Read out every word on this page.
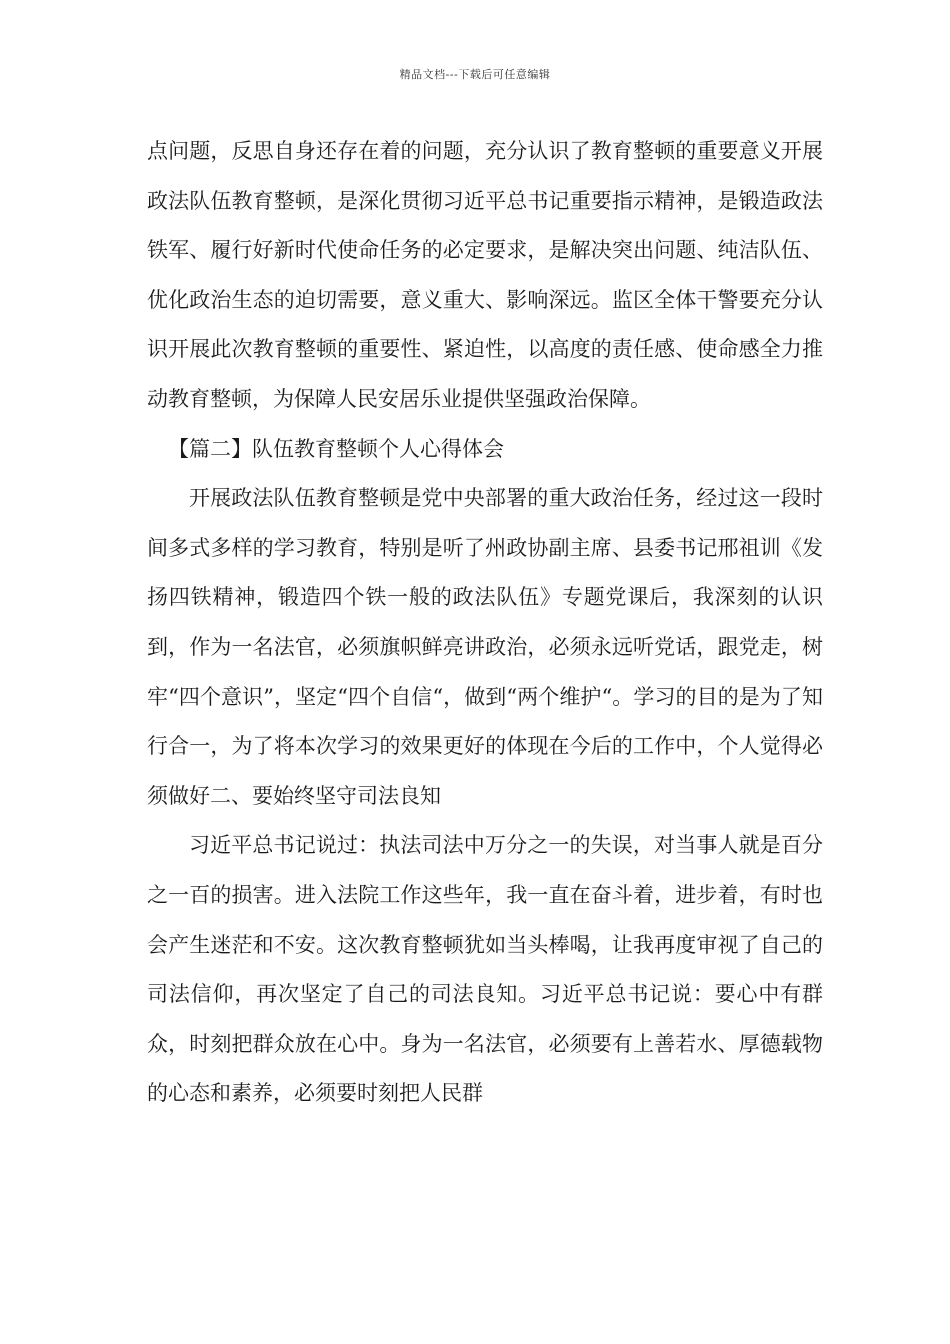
精品文档---下载后可任意编辑

点问题，反思自身还存在着的问题，充分认识了教育整顿的重要意义开展政法队伍教育整顿，是深化贯彻习近平总书记重要指示精神，是锻造政法铁军、履行好新时代使命任务的必定要求，是解决突出问题、纯洁队伍、优化政治生态的迫切需要，意义重大、影响深远。监区全体干警要充分认识开展此次教育整顿的重要性、紧迫性，以高度的责任感、使命感全力推动教育整顿，为保障人民安居乐业提供坚强政治保障。

【篇二】队伍教育整顿个人心得体会

开展政法队伍教育整顿是党中央部署的重大政治任务，经过这一段时间多式多样的学习教育，特别是听了州政协副主席、县委书记邢祖训《发扬四铁精神，锻造四个铁一般的政法队伍》专题党课后，我深刻的认识到，作为一名法官，必须旗帜鲜亮讲政治，必须永远听党话，跟党走，树牢“四个意识”，坚定“四个自信“，做到“两个维护“。学习的目的是为了知行合一，为了将本次学习的效果更好的体现在今后的工作中，个人觉得必须做好二、要始终坚守司法良知

习近平总书记说过：执法司法中万分之一的失误，对当事人就是百分之一百的损害。进入法院工作这些年，我一直在奋斗着，进步着，有时也会产生迷茫和不安。这次教育整顿犹如当头棒喝，让我再度审视了自己的司法信仰，再次坚定了自己的司法良知。习近平总书记说：要心中有群众，时刻把群众放在心中。身为一名法官，必须要有上善若水、厚德载物的心态和素养，必须要时刻把人民群
